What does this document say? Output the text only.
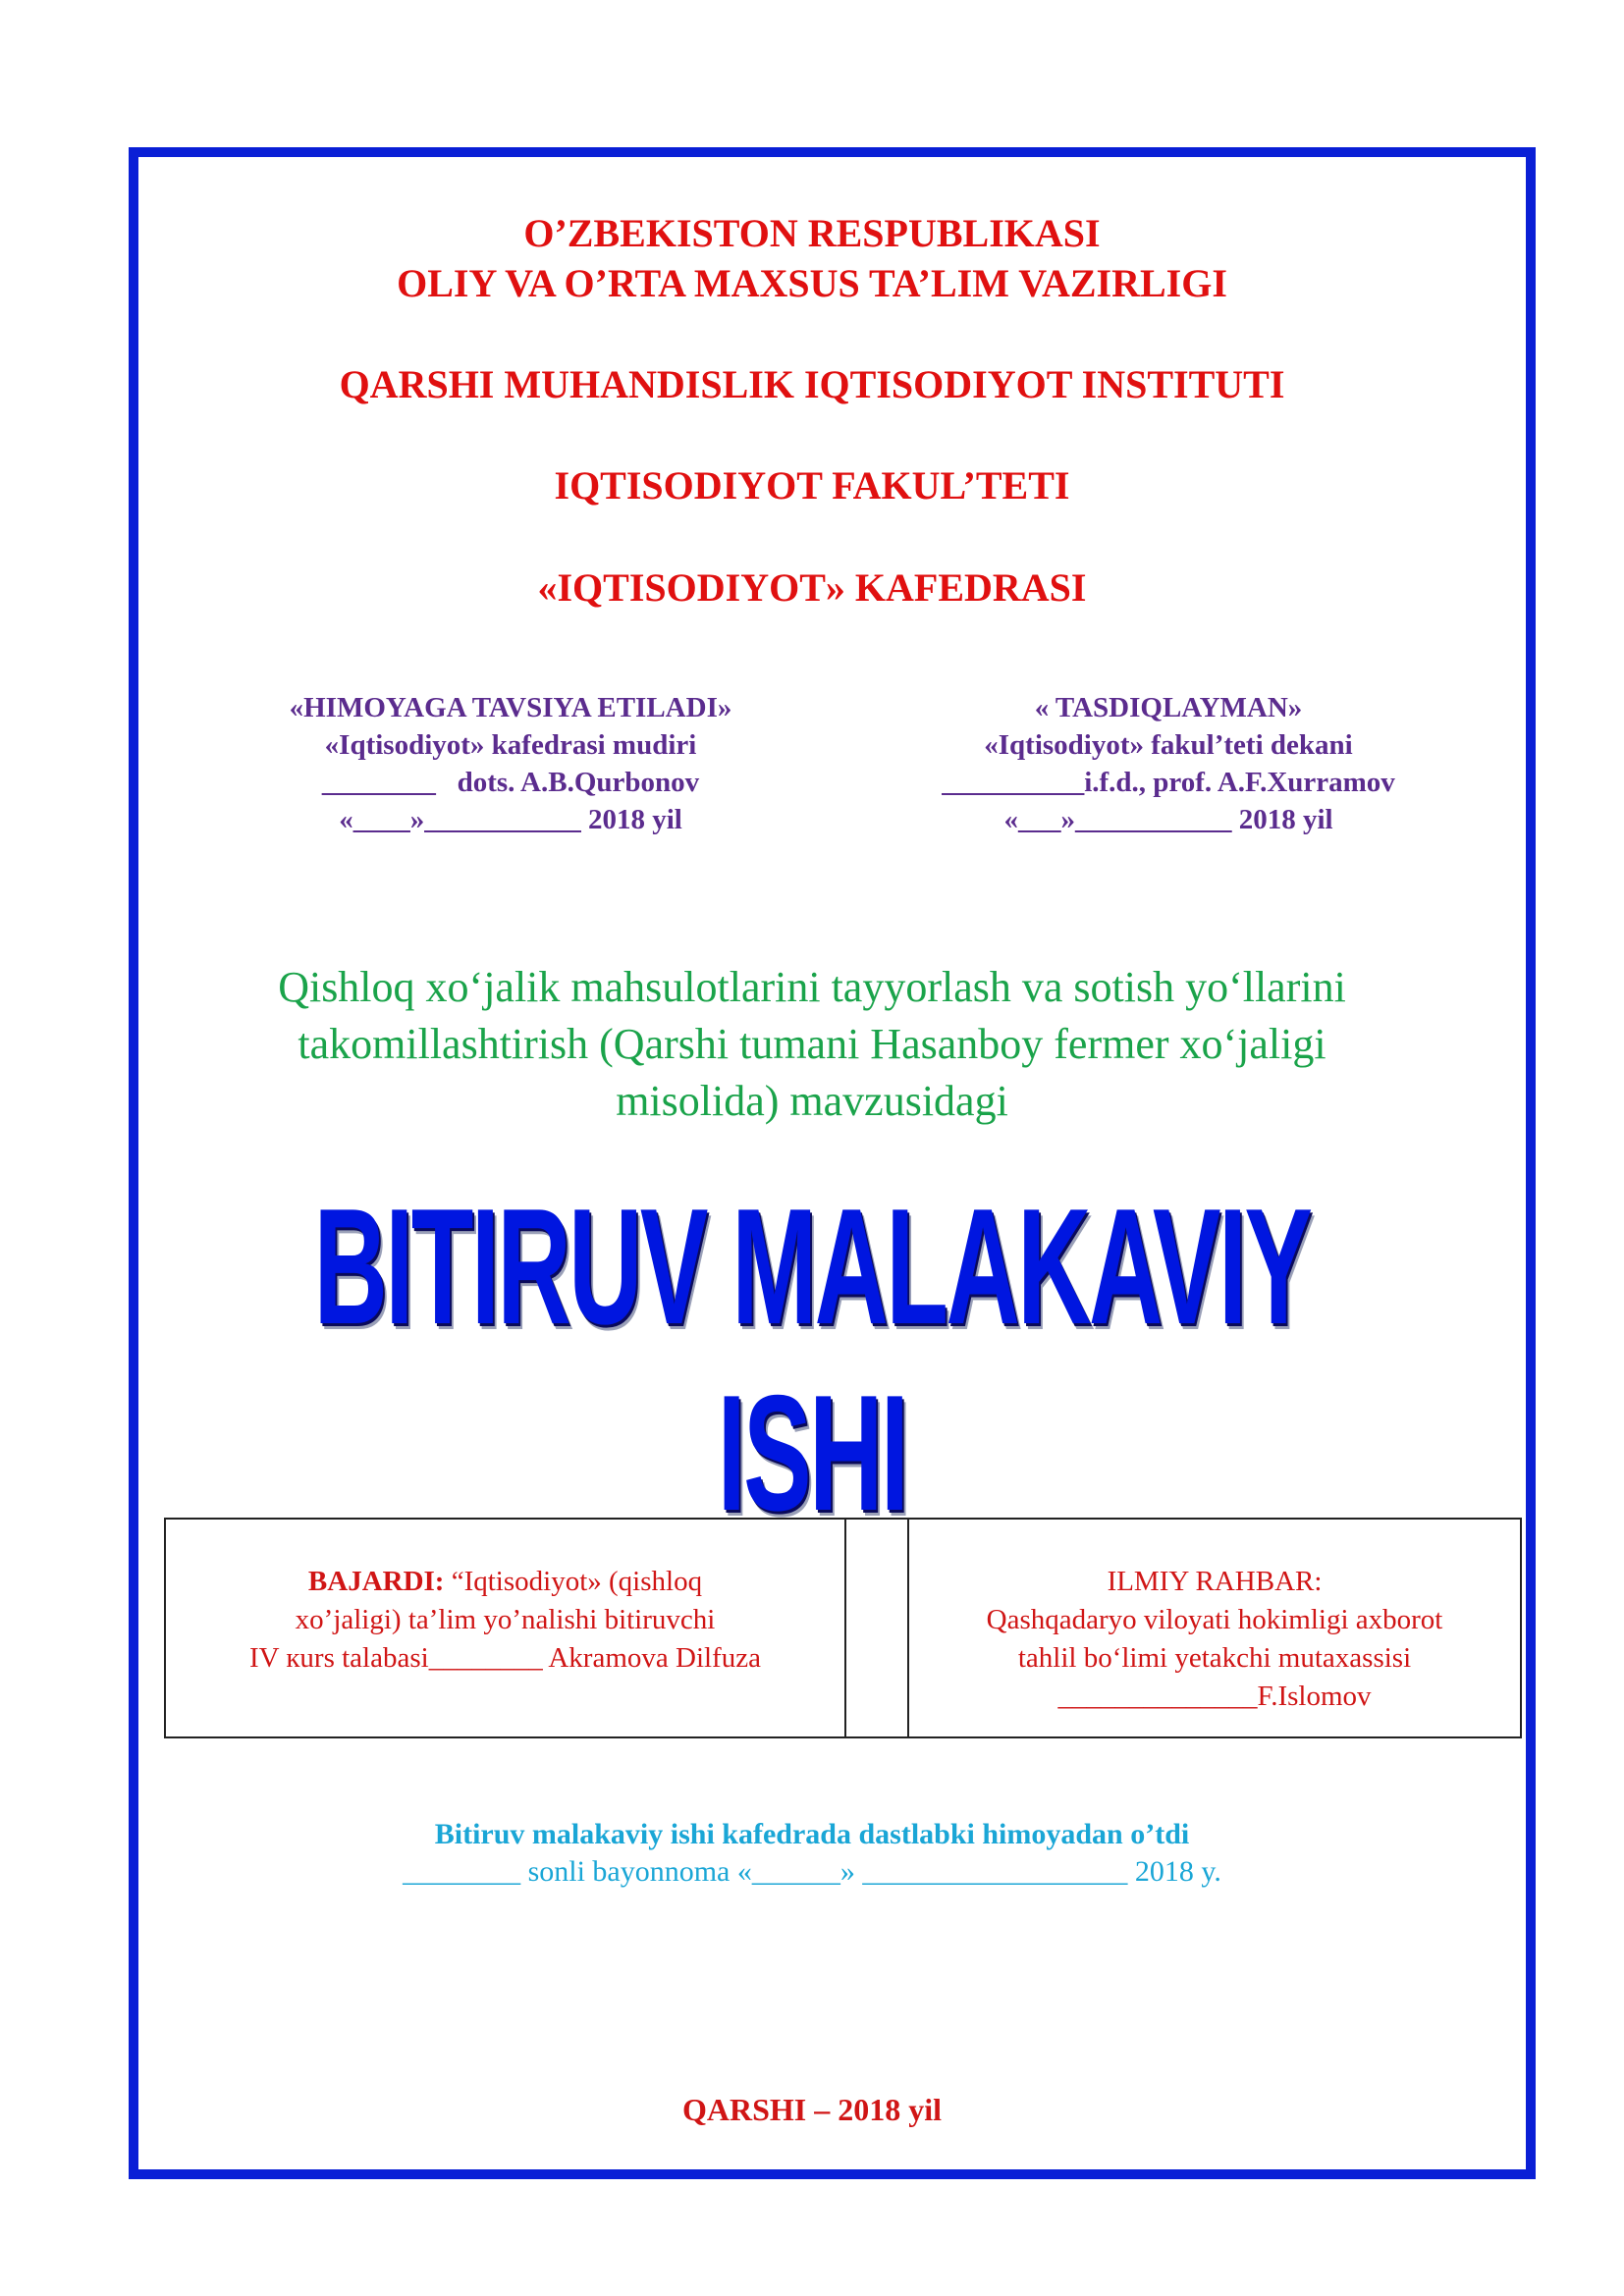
O’ZBEKISTON RESPUBLIKASI
OLIY VA O’RTA MAXSUS TA’LIM VAZIRLIGI
QARSHI MUHANDISLIK IQTISODIYOT INSTITUTI
IQTISODIYOT FAKUL’TETI
«IQTISODIYOT» KAFEDRASI
«HIMOYAGA TAVSIYA ETILADI»
«Iqtisodiyot» kafedrasi mudiri
________   dots. A.B.Qurbonov
«____»___________ 2018 yil
« TASDIQLAYMAN»
«Iqtisodiyot» fakul’teti dekani
__________i.f.d., prof. A.F.Xurramov
«___»___________ 2018 yil
Qishloq xo‘jalik mahsulotlarini tayyorlash va sotish yo‘llarini
takomillashtirish (Qarshi tumani Hasanboy fermer xo‘jaligi
misolida) mavzusidagi
BITIRUV MALAKAVIY ISHI
BAJARDI: “Iqtisodiyot» (qishloq
xo’jaligi) ta’lim yo’nalishi bitiruvchi
IV кurs talabasi________ Akramova Dilfuza
ILMIY RAHBAR:
Qashqadaryo viloyati hokimligi axborot
tahlil bo‘limi yetakchi mutaxassisi
______________F.Islomov
Bitiruv malakaviy ishi kafedrada dastlabki himoyadan o’tdi
________ sonli bayonnoma «______» __________________ 2018 y.
QARSHI – 2018 yil
